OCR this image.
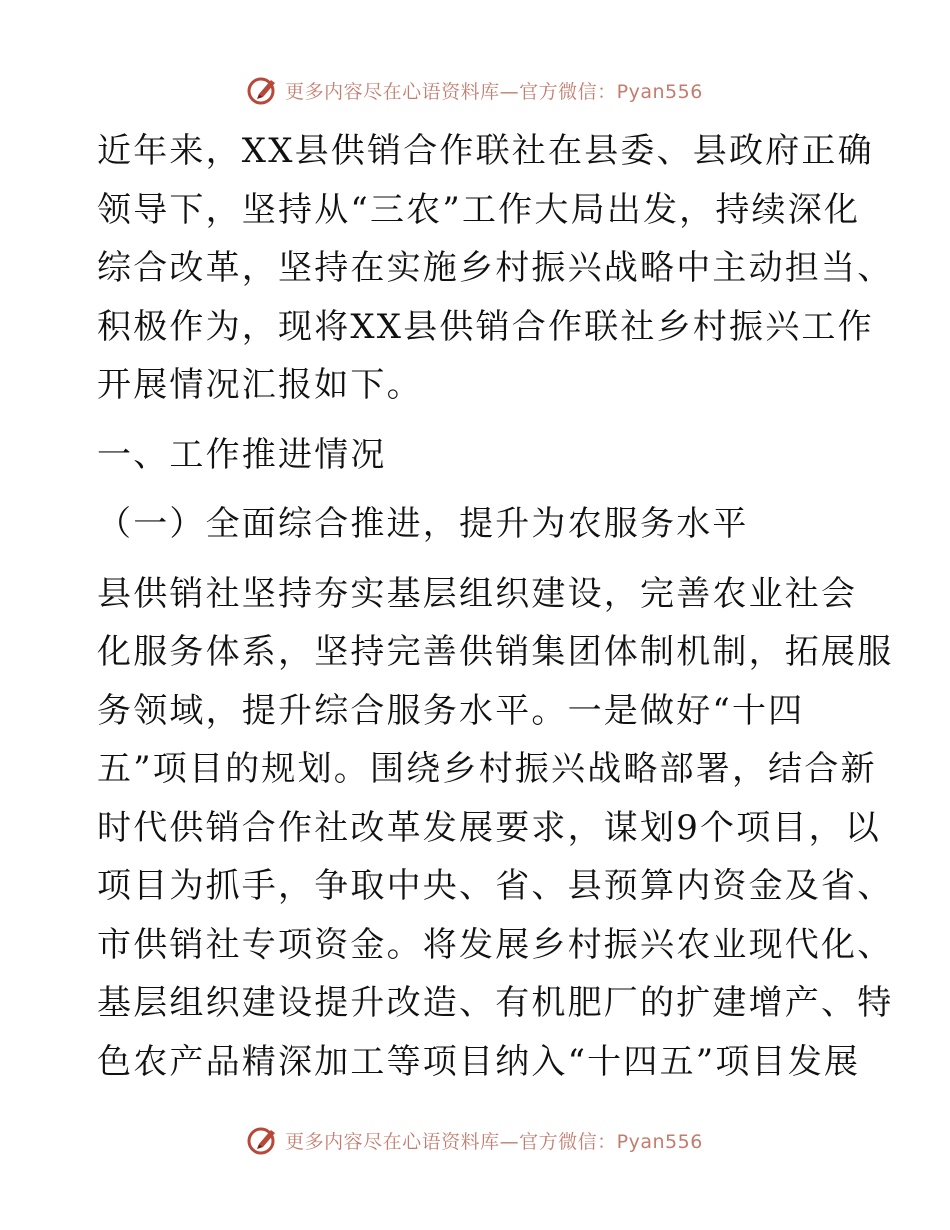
更多内容尽在心语资料库—官方微信：Pyan556
近年来，XX县供销合作联社在县委、县政府正确
领导下，坚持从“三农”工作大局出发，持续深化
综合改革，坚持在实施乡村振兴战略中主动担当、
积极作为，现将XX县供销合作联社乡村振兴工作
开展情况汇报如下。
一、工作推进情况
（一）全面综合推进，提升为农服务水平
县供销社坚持夯实基层组织建设，完善农业社会
化服务体系，坚持完善供销集团体制机制，拓展服
务领域，提升综合服务水平。一是做好“十四
五”项目的规划。围绕乡村振兴战略部署，结合新
时代供销合作社改革发展要求，谋划9个项目，以
项目为抓手，争取中央、省、县预算内资金及省、
市供销社专项资金。将发展乡村振兴农业现代化、
基层组织建设提升改造、有机肥厂的扩建增产、特
色农产品精深加工等项目纳入“十四五”项目发展
更多内容尽在心语资料库—官方微信：Pyan556
